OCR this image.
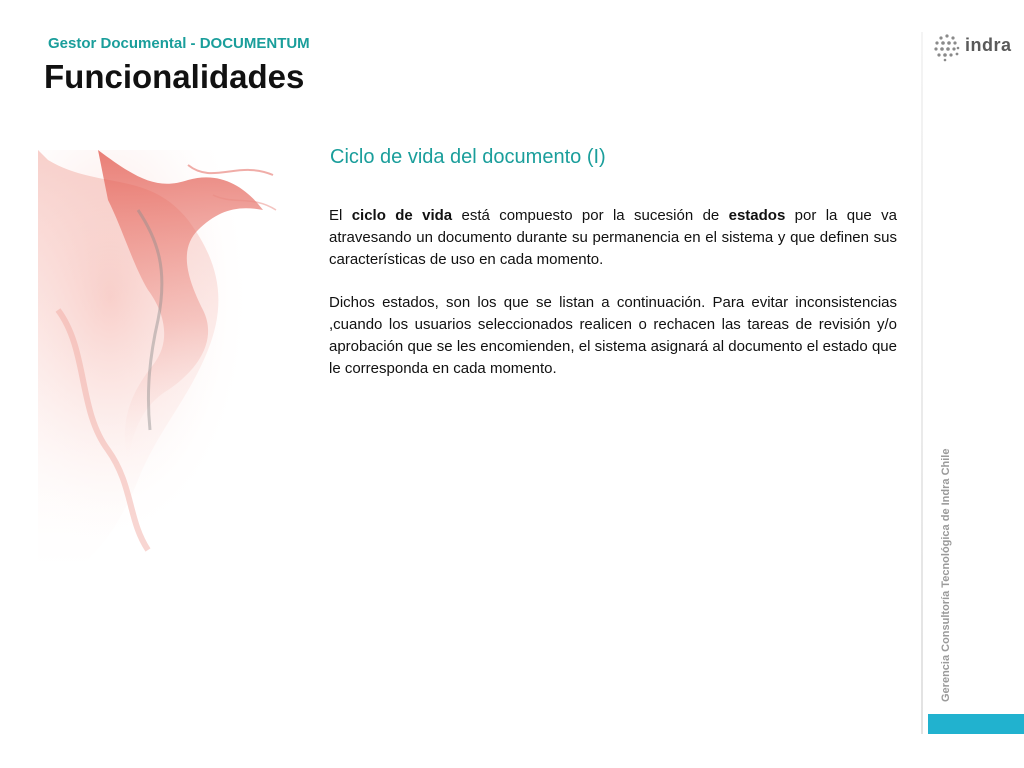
Gestor Documental - DOCUMENTUM
Funcionalidades
Ciclo de vida del documento (I)

El ciclo de vida está compuesto por la sucesión de estados por la que va atravesando un documento durante su permanencia en el sistema y que definen sus características de uso en cada momento.

Dichos estados, son los que se listan a continuación. Para evitar inconsistencias ,cuando los usuarios seleccionados realicen o rechacen las tareas de revisión y/o aprobación que se les encomienden, el sistema asignará al documento el estado que le corresponda en cada momento.

indra
Gerencia Consultoría Tecnológica de Indra Chile
